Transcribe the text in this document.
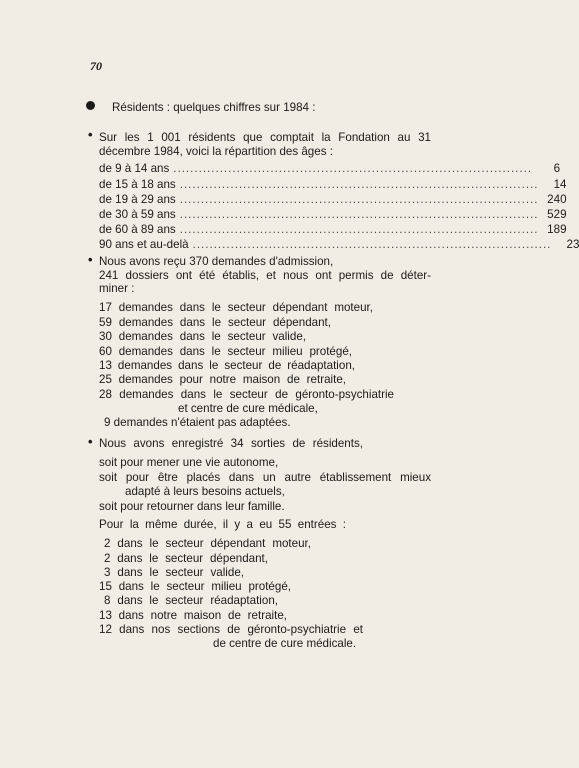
70
Résidents : quelques chiffres sur 1984 :
• Sur les 1 001 résidents que comptait la Fondation au 31
décembre 1984, voici la répartition des âges :
de 9 à 14 ans .....................................................................................	6
de 15 à 18 ans .....................................................................................	14
de 19 à 29 ans ..................................................................................... 240
de 30 à 59 ans ..................................................................................... 529
de 60 à 89 ans ..................................................................................... 189
90 ans et au-delà .....................................................................................	23
• Nous avons reçu 370 demandes d'admission,
241 dossiers ont été établis, et nous ont permis de déter-
miner :
17 demandes dans le secteur dépendant moteur,
59 demandes dans le secteur dépendant,
30 demandes dans le secteur valide,
60 demandes dans le secteur milieu protégé,
13 demandes dans le secteur de réadaptation,
25 demandes pour notre maison de retraite,
28 demandes dans le secteur de géronto-psychiatrie
et centre de cure médicale,
9 demandes n'étaient pas adaptées.
• Nous avons enregistré 34 sorties de résidents,
soit pour mener une vie autonome,
soit pour être placés dans un autre établissement mieux
adapté à leurs besoins actuels,
soit pour retourner dans leur famille.
Pour la même durée, il y a eu 55 entrées :
2 dans le secteur dépendant moteur,
2 dans le secteur dépendant,
3 dans le secteur valide,
15 dans le secteur milieu protégé,
8 dans le secteur réadaptation,
13 dans notre maison de retraite,
12 dans nos sections de géronto-psychiatrie et
de centre de cure médicale.
